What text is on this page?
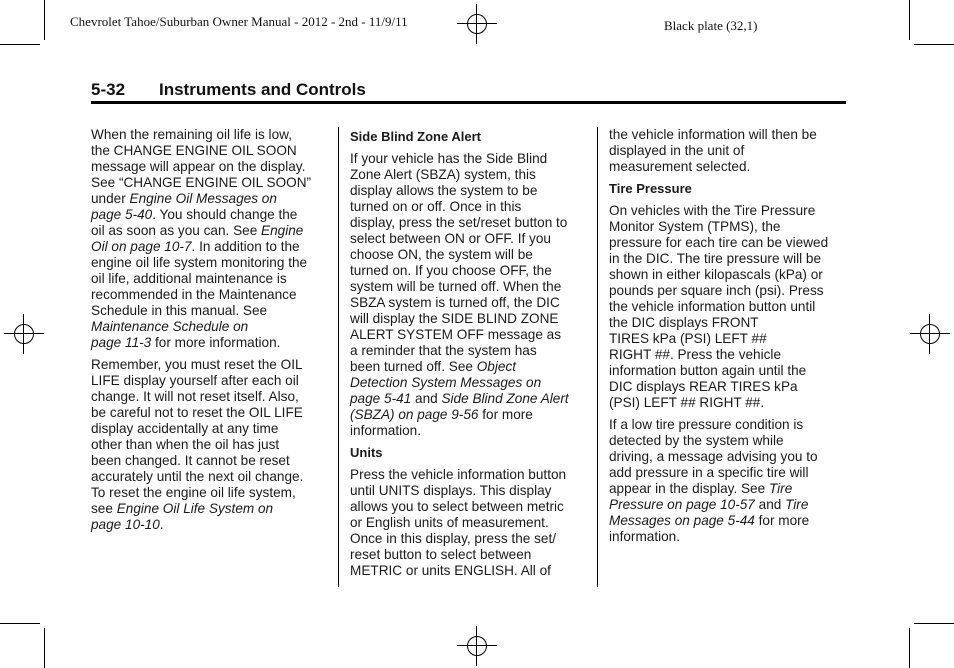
Chevrolet Tahoe/Suburban Owner Manual - 2012 - 2nd - 11/9/11	Black plate (32,1)
5-32 Instruments and Controls

When the remaining oil life is low,
the CHANGE ENGINE OIL SOON
message will appear on the display.
See “CHANGE ENGINE OIL SOON”
under Engine Oil Messages on
page 5-40. You should change the
oil as soon as you can. See Engine
Oil on page 10-7. In addition to the
engine oil life system monitoring the
oil life, additional maintenance is
recommended in the Maintenance
Schedule in this manual. See
Maintenance Schedule on
page 11-3 for more information.

Remember, you must reset the OIL
LIFE display yourself after each oil
change. It will not reset itself. Also,
be careful not to reset the OIL LIFE
display accidentally at any time
other than when the oil has just
been changed. It cannot be reset
accurately until the next oil change.
To reset the engine oil life system,
see Engine Oil Life System on
page 10-10.

Side Blind Zone Alert

If your vehicle has the Side Blind
Zone Alert (SBZA) system, this
display allows the system to be
turned on or off. Once in this
display, press the set/reset button to
select between ON or OFF. If you
choose ON, the system will be
turned on. If you choose OFF, the
system will be turned off. When the
SBZA system is turned off, the DIC
will display the SIDE BLIND ZONE
ALERT SYSTEM OFF message as
a reminder that the system has
been turned off. See Object
Detection System Messages on
page 5-41 and Side Blind Zone Alert
(SBZA) on page 9-56 for more
information.

Units

Press the vehicle information button
until UNITS displays. This display
allows you to select between metric
or English units of measurement.
Once in this display, press the set/
reset button to select between
METRIC or units ENGLISH. All of

the vehicle information will then be
displayed in the unit of
measurement selected.

Tire Pressure

On vehicles with the Tire Pressure
Monitor System (TPMS), the
pressure for each tire can be viewed
in the DIC. The tire pressure will be
shown in either kilopascals (kPa) or
pounds per square inch (psi). Press
the vehicle information button until
the DIC displays FRONT
TIRES kPa (PSI) LEFT ##
RIGHT ##. Press the vehicle
information button again until the
DIC displays REAR TIRES kPa
(PSI) LEFT ## RIGHT ##.

If a low tire pressure condition is
detected by the system while
driving, a message advising you to
add pressure in a specific tire will
appear in the display. See Tire
Pressure on page 10-57 and Tire
Messages on page 5-44 for more
information.
